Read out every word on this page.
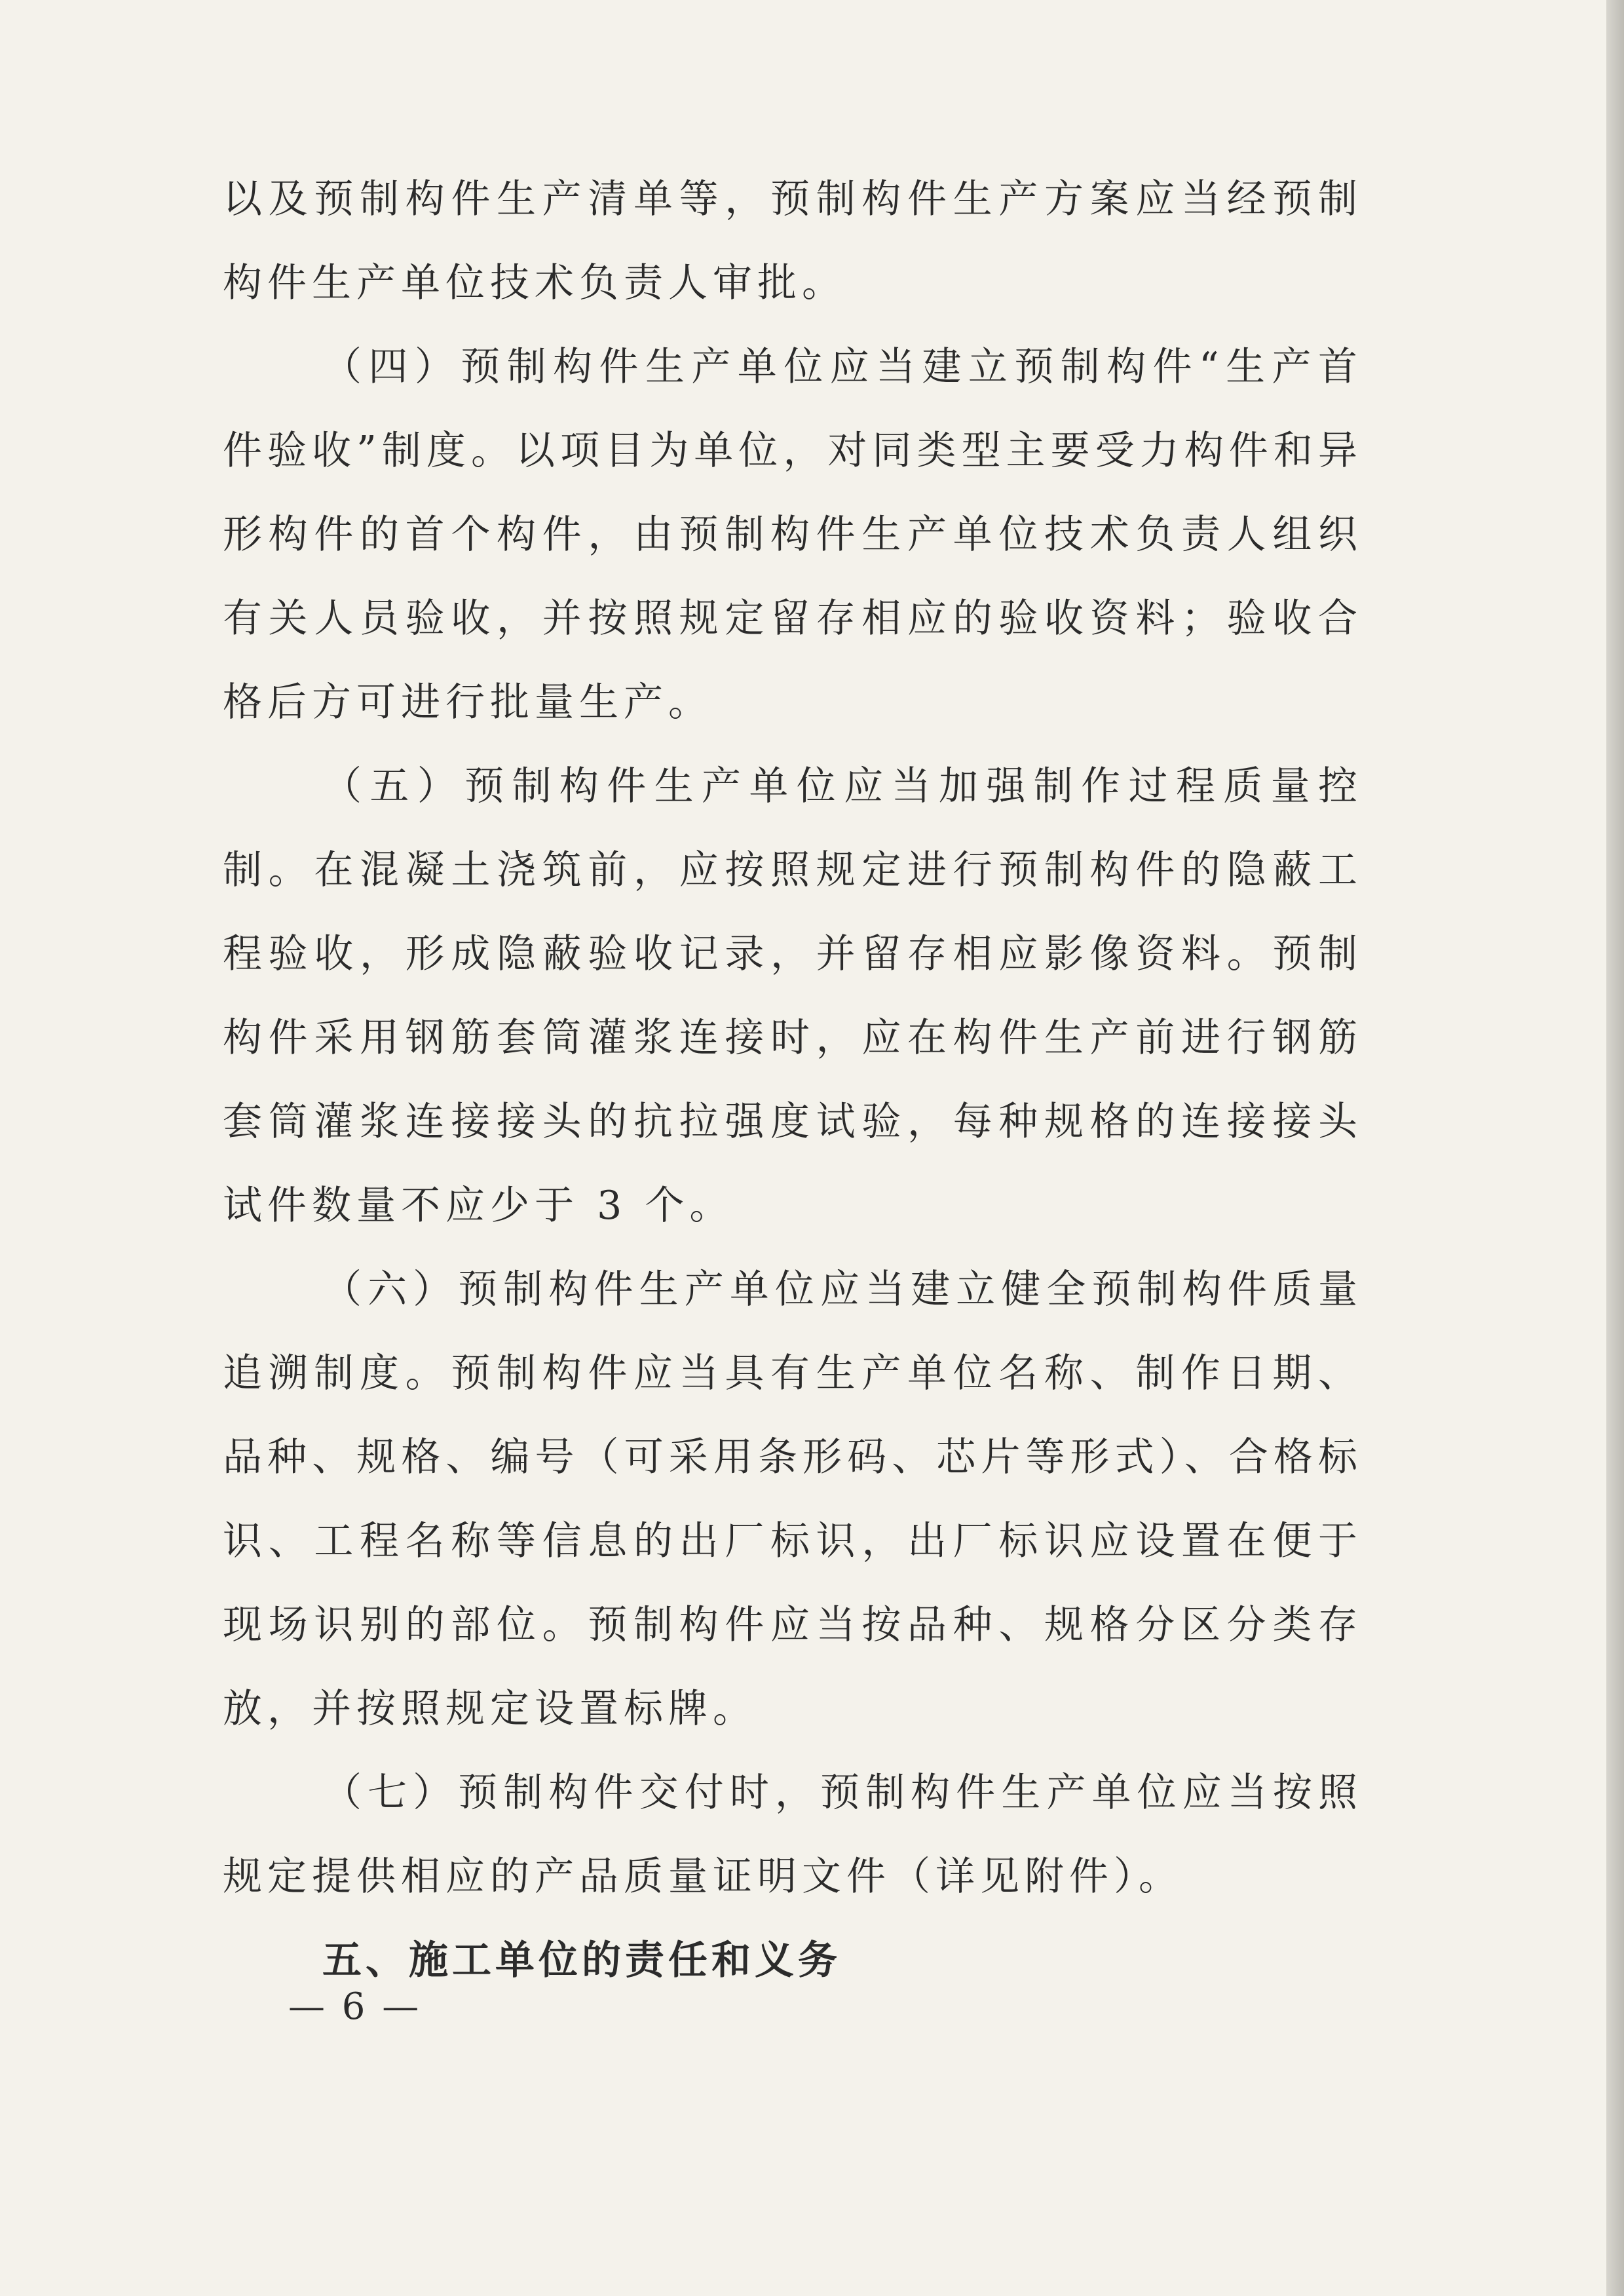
以及预制构件生产清单等，预制构件生产方案应当经预制构件生产单位技术负责人审批。

（四）预制构件生产单位应当建立预制构件“生产首件验收”制度。以项目为单位，对同类型主要受力构件和异形构件的首个构件，由预制构件生产单位技术负责人组织有关人员验收，并按照规定留存相应的验收资料；验收合格后方可进行批量生产。

（五）预制构件生产单位应当加强制作过程质量控制。在混凝土浇筑前，应按照规定进行预制构件的隐蔽工程验收，形成隐蔽验收记录，并留存相应影像资料。预制构件采用钢筋套筒灌浆连接时，应在构件生产前进行钢筋套筒灌浆连接接头的抗拉强度试验，每种规格的连接接头试件数量不应少于 3 个。

（六）预制构件生产单位应当建立健全预制构件质量追溯制度。预制构件应当具有生产单位名称、制作日期、品种、规格、编号（可采用条形码、芯片等形式）、合格标识、工程名称等信息的出厂标识，出厂标识应设置在便于现场识别的部位。预制构件应当按品种、规格分区分类存放，并按照规定设置标牌。

（七）预制构件交付时，预制构件生产单位应当按照规定提供相应的产品质量证明文件（详见附件）。

五、施工单位的责任和义务

— 6 —
